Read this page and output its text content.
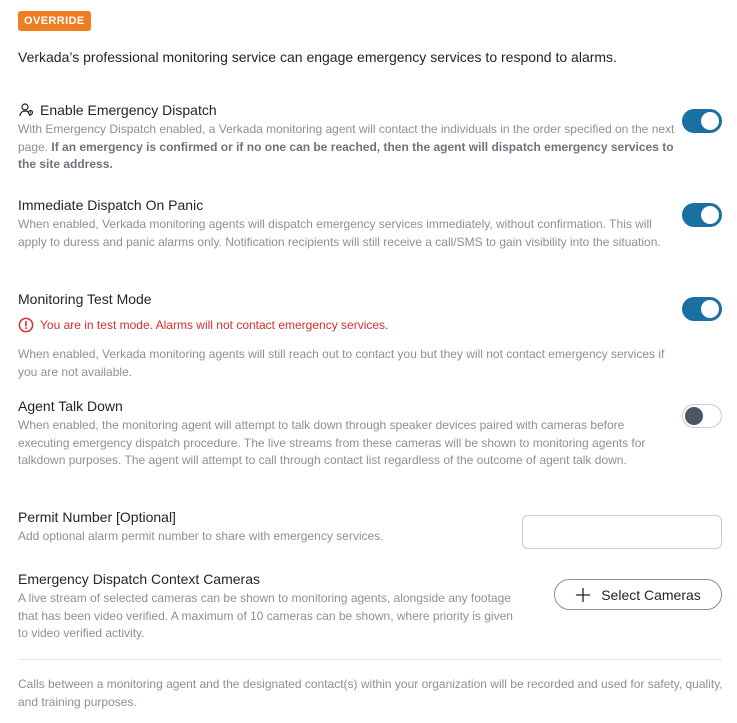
OVERRIDE
Verkada’s professional monitoring service can engage emergency services to respond to alarms.
Enable Emergency Dispatch
With Emergency Dispatch enabled, a Verkada monitoring agent will contact the individuals in the order specified on the next page. If an emergency is confirmed or if no one can be reached, then the agent will dispatch emergency services to the site address.
Immediate Dispatch On Panic
When enabled, Verkada monitoring agents will dispatch emergency services immediately, without confirmation. This will apply to duress and panic alarms only. Notification recipients will still receive a call/SMS to gain visibility into the situation.
Monitoring Test Mode
You are in test mode. Alarms will not contact emergency services.
When enabled, Verkada monitoring agents will still reach out to contact you but they will not contact emergency services if you are not available.
Agent Talk Down
When enabled, the monitoring agent will attempt to talk down through speaker devices paired with cameras before executing emergency dispatch procedure. The live streams from these cameras will be shown to monitoring agents for talkdown purposes. The agent will attempt to call through contact list regardless of the outcome of agent talk down.
Permit Number [Optional]
Add optional alarm permit number to share with emergency services.
Emergency Dispatch Context Cameras
A live stream of selected cameras can be shown to monitoring agents, alongside any footage that has been video verified. A maximum of 10 cameras can be shown, where priority is given to video verified activity.
Select Cameras
Calls between a monitoring agent and the designated contact(s) within your organization will be recorded and used for safety, quality, and training purposes.
